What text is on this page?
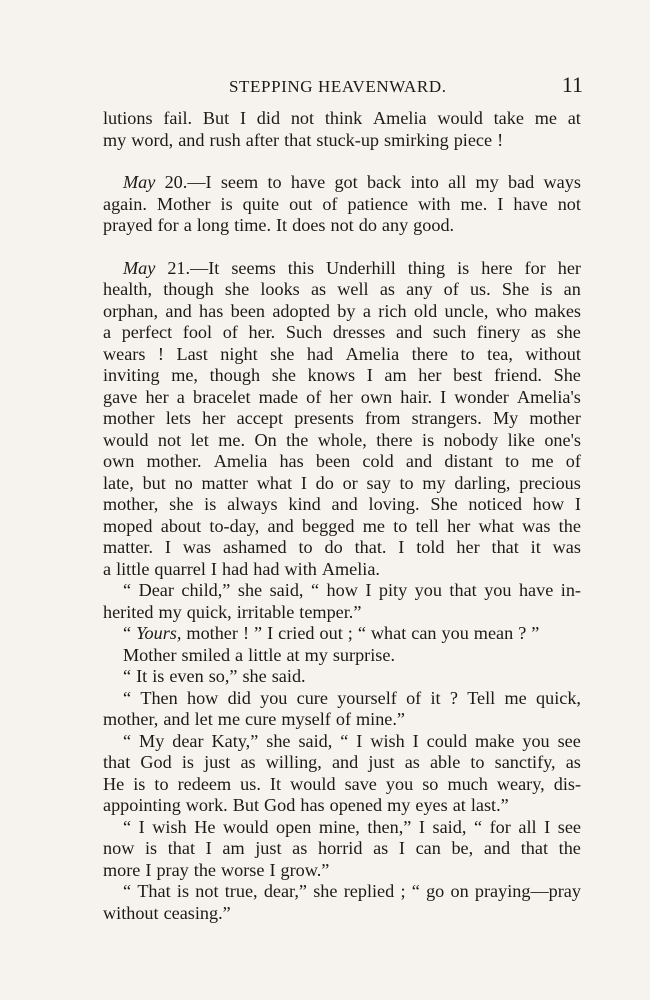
STEPPING HEAVENWARD.	11
lutions fail. But I did not think Amelia would take me at
my word, and rush after that stuck-up smirking piece !
May 20.—I seem to have got back into all my bad ways
again. Mother is quite out of patience with me. I have not
prayed for a long time. It does not do any good.
May 21.—It seems this Underhill thing is here for her
health, though she looks as well as any of us. She is an
orphan, and has been adopted by a rich old uncle, who makes
a perfect fool of her. Such dresses and such finery as she
wears ! Last night she had Amelia there to tea, without
inviting me, though she knows I am her best friend. She
gave her a bracelet made of her own hair. I wonder Amelia's
mother lets her accept presents from strangers. My mother
would not let me. On the whole, there is nobody like one's
own mother. Amelia has been cold and distant to me of
late, but no matter what I do or say to my darling, precious
mother, she is always kind and loving. She noticed how I
moped about to-day, and begged me to tell her what was the
matter. I was ashamed to do that. I told her that it was
a little quarrel I had had with Amelia.
“ Dear child,” she said, “ how I pity you that you have in-
herited my quick, irritable temper.”
“ Yours, mother ! ” I cried out ; “ what can you mean ? ”
Mother smiled a little at my surprise.
“ It is even so,” she said.
“ Then how did you cure yourself of it ? Tell me quick,
mother, and let me cure myself of mine.”
“ My dear Katy,” she said, “ I wish I could make you see
that God is just as willing, and just as able to sanctify, as
He is to redeem us. It would save you so much weary, dis-
appointing work. But God has opened my eyes at last.”
“ I wish He would open mine, then,” I said, “ for all I see
now is that I am just as horrid as I can be, and that the
more I pray the worse I grow.”
“ That is not true, dear,” she replied ; “ go on praying—pray
without ceasing.”
